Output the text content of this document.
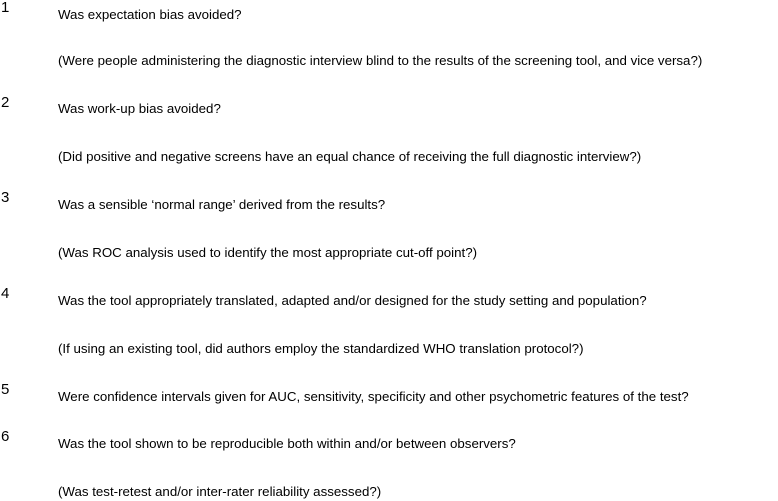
1	Was expectation bias avoided?
(Were people administering the diagnostic interview blind to the results of the screening tool, and vice versa?)
2	Was work-up bias avoided?
(Did positive and negative screens have an equal chance of receiving the full diagnostic interview?)
3	Was a sensible ‘normal range’ derived from the results?
(Was ROC analysis used to identify the most appropriate cut-off point?)
4	Was the tool appropriately translated, adapted and/or designed for the study setting and population?
(If using an existing tool, did authors employ the standardized WHO translation protocol?)
5	Were confidence intervals given for AUC, sensitivity, specificity and other psychometric features of the test?
6	Was the tool shown to be reproducible both within and/or between observers?
(Was test-retest and/or inter-rater reliability assessed?)
